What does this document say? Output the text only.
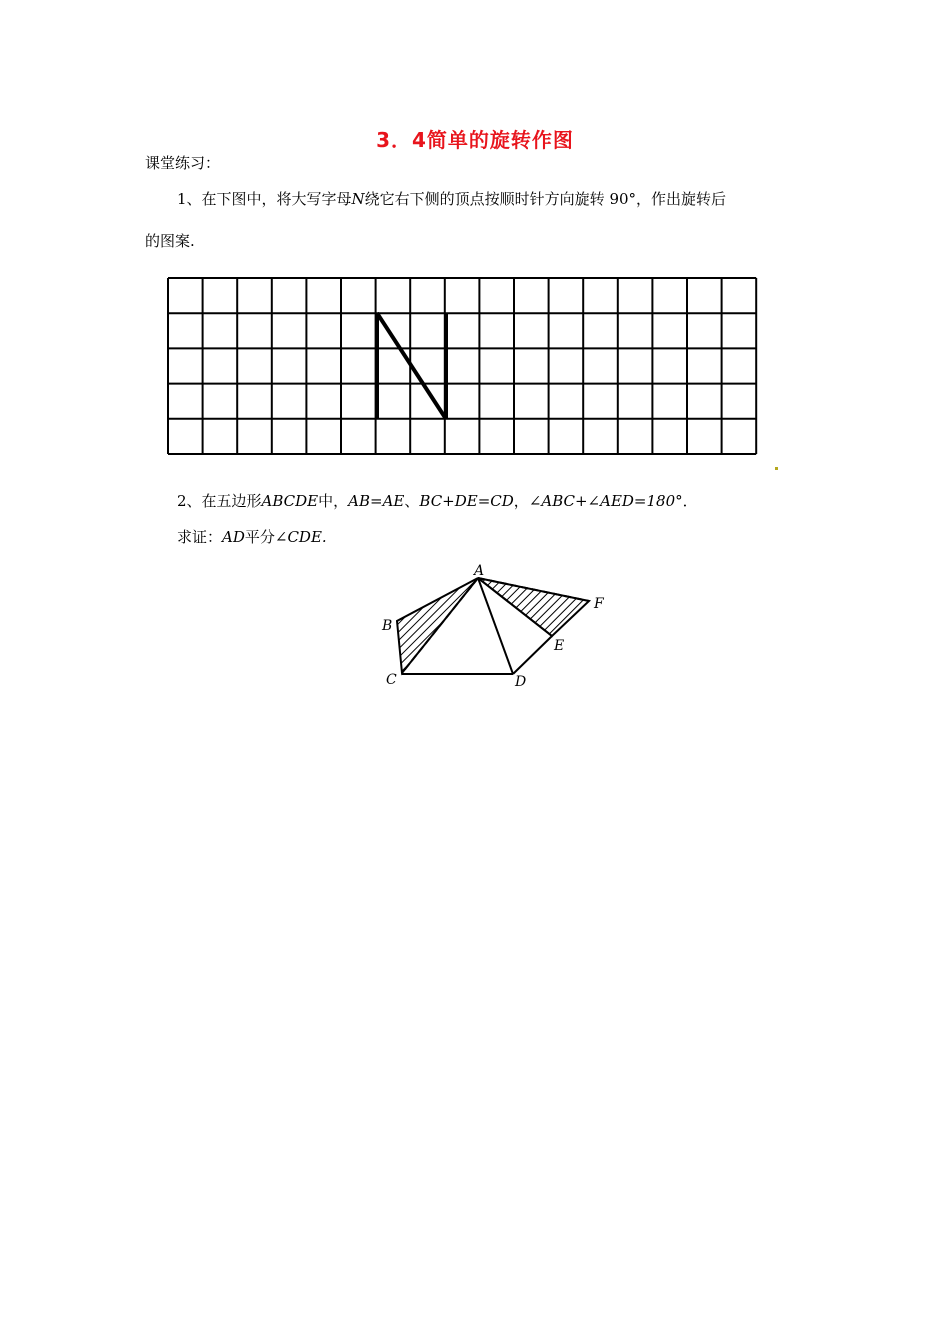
3．4简单的旋转作图
课堂练习：
1、在下图中，将大写字母N绕它右下侧的顶点按顺时针方向旋转 90°，作出旋转后
的图案.
2、在五边形ABCDE中，AB=AE、BC+DE=CD，∠ABC+∠AED=180°．
求证：AD平分∠CDE.
A
B
C	D
E
F
